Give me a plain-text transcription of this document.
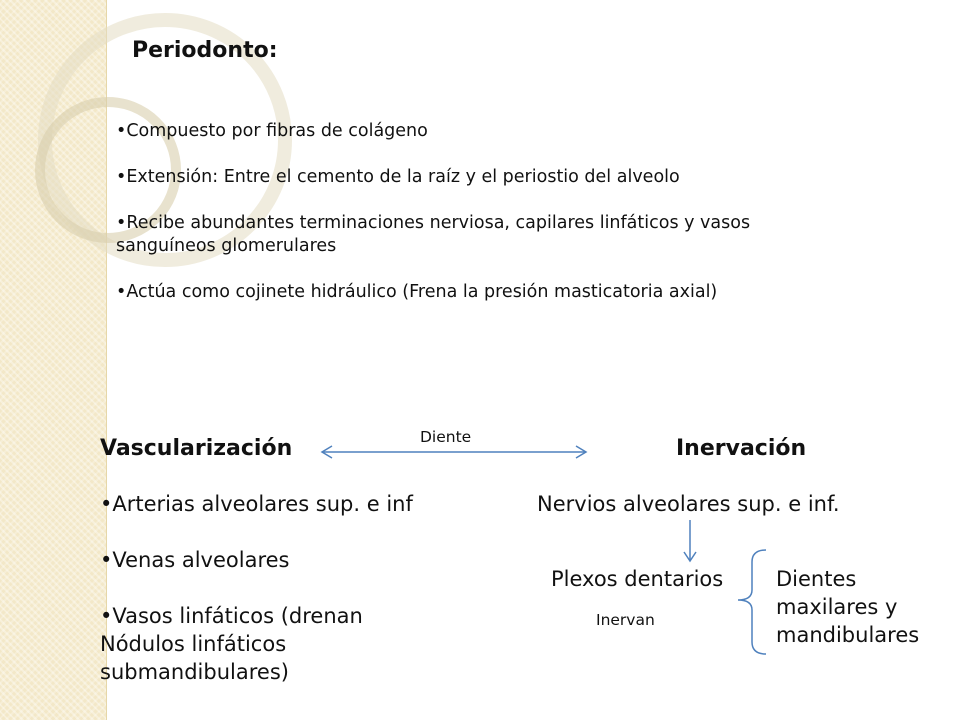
Periodonto:

•Compuesto por fibras de colágeno

•Extensión: Entre el cemento de la raíz y el periostio del alveolo

•Recibe abundantes terminaciones nerviosa, capilares linfáticos y vasos sanguíneos glomerulares

•Actúa como cojinete hidráulico (Frena la presión masticatoria axial)

Vascularización	Diente	Inervación
•Arterias alveolares sup. e inf
•Venas alveolares
•Vasos linfáticos (drenan Nódulos linfáticos submandibulares)
Nervios alveolares sup. e inf.
Plexos dentarios
Inervan
Dientes maxilares y mandibulares
